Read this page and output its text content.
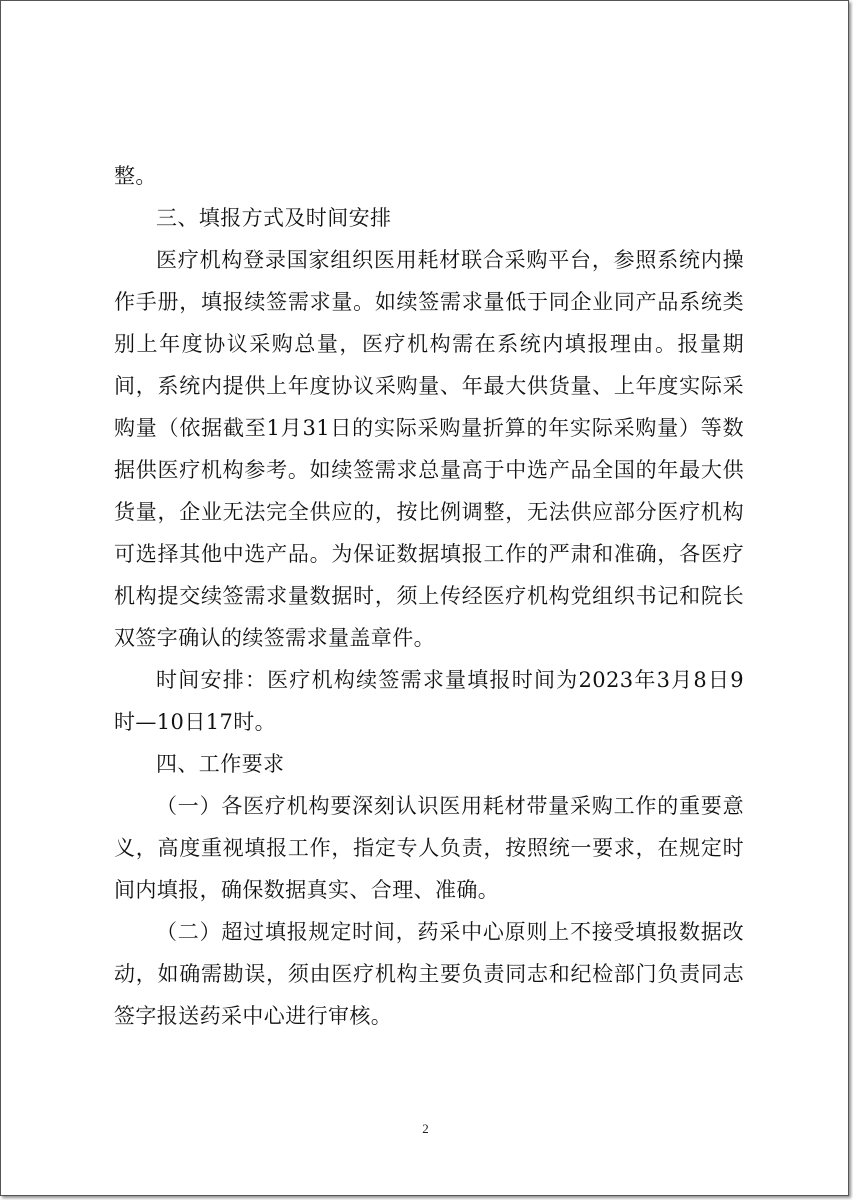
整。

三、填报方式及时间安排

医疗机构登录国家组织医用耗材联合采购平台，参照系统内操作手册，填报续签需求量。如续签需求量低于同企业同产品系统类别上年度协议采购总量，医疗机构需在系统内填报理由。报量期间，系统内提供上年度协议采购量、年最大供货量、上年度实际采购量（依据截至1月31日的实际采购量折算的年实际采购量）等数据供医疗机构参考。如续签需求总量高于中选产品全国的年最大供货量，企业无法完全供应的，按比例调整，无法供应部分医疗机构可选择其他中选产品。为保证数据填报工作的严肃和准确，各医疗机构提交续签需求量数据时，须上传经医疗机构党组织书记和院长双签字确认的续签需求量盖章件。

时间安排：医疗机构续签需求量填报时间为2023年3月8日9时—10日17时。

四、工作要求

（一）各医疗机构要深刻认识医用耗材带量采购工作的重要意义，高度重视填报工作，指定专人负责，按照统一要求，在规定时间内填报，确保数据真实、合理、准确。

（二）超过填报规定时间，药采中心原则上不接受填报数据改动，如确需勘误，须由医疗机构主要负责同志和纪检部门负责同志签字报送药采中心进行审核。

2
